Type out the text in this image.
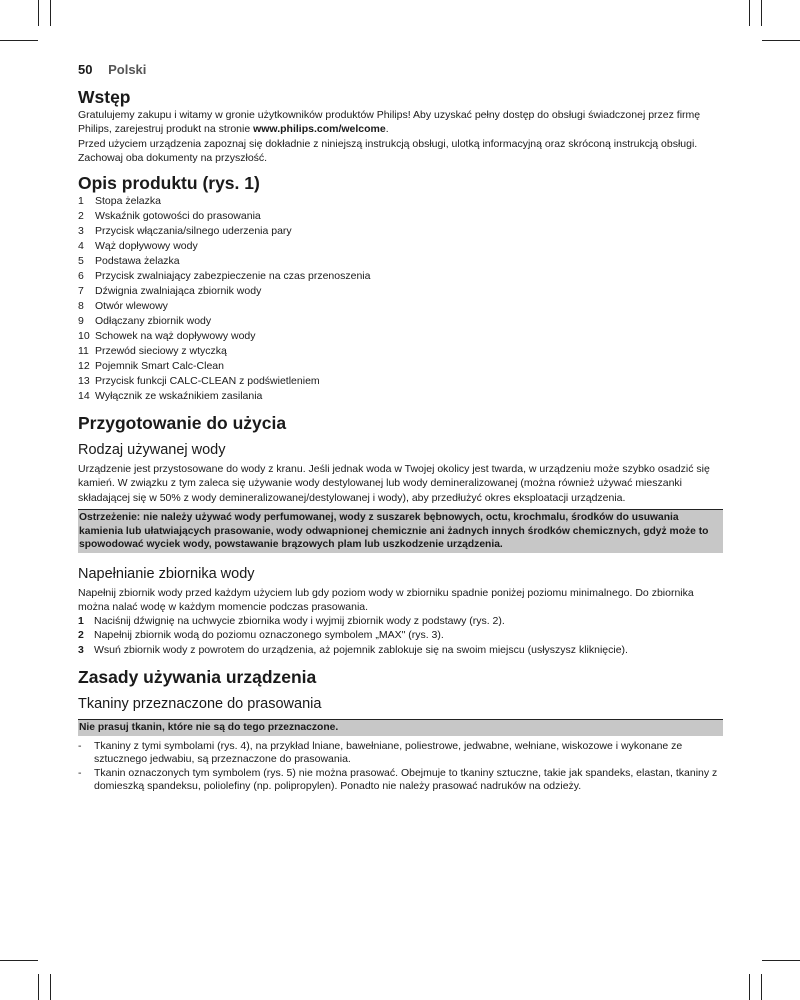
50 Polski
Wstęp

Gratulujemy zakupu i witamy w gronie użytkowników produktów Philips! Aby uzyskać pełny dostęp do obsługi świadczonej przez firmę Philips, zarejestruj produkt na stronie www.philips.com/welcome.

Przed użyciem urządzenia zapoznaj się dokładnie z niniejszą instrukcją obsługi, ulotką informacyjną oraz skróconą instrukcją obsługi. Zachowaj oba dokumenty na przyszłość.

Opis produktu (rys. 1)
1	Stopa żelazka
2	Wskaźnik gotowości do prasowania
3	Przycisk włączania/silnego uderzenia pary
4	Wąż dopływowy wody
5	Podstawa żelazka
6	Przycisk zwalniający zabezpieczenie na czas przenoszenia
7	Dźwignia zwalniająca zbiornik wody
8	Otwór wlewowy
9	Odłączany zbiornik wody
10 Schowek na wąż dopływowy wody
11 Przewód sieciowy z wtyczką
12 Pojemnik Smart Calc-Clean
13 Przycisk funkcji CALC-CLEAN z podświetleniem
14 Wyłącznik ze wskaźnikiem zasilania
Przygotowanie do użycia
Rodzaj używanej wody

Urządzenie jest przystosowane do wody z kranu. Jeśli jednak woda w Twojej okolicy jest twarda, w urządzeniu może szybko osadzić się kamień. W związku z tym zaleca się używanie wody destylowanej lub wody demineralizowanej (można również używać mieszanki składającej się w 50% z wody demineralizowanej/destylowanej i wody), aby przedłużyć okres eksploatacji urządzenia.

Ostrzeżenie: nie należy używać wody perfumowanej, wody z suszarek bębnowych, octu, krochmalu, środków do usuwania kamienia lub ułatwiających prasowanie, wody odwapnionej chemicznie ani żadnych innych środków chemicznych, gdyż może to spowodować wyciek wody, powstawanie brązowych plam lub uszkodzenie urządzenia.
Napełnianie zbiornika wody

Napełnij zbiornik wody przed każdym użyciem lub gdy poziom wody w zbiorniku spadnie poniżej poziomu minimalnego. Do zbiornika można nalać wodę w każdym momencie podczas prasowania.

1 Naciśnij dźwignię na uchwycie zbiornika wody i wyjmij zbiornik wody z podstawy (rys. 2).
2 Napełnij zbiornik wodą do poziomu oznaczonego symbolem „MAX" (rys. 3).
3 Wsuń zbiornik wody z powrotem do urządzenia, aż pojemnik zablokuje się na swoim miejscu (usłyszysz kliknięcie).
Zasady używania urządzenia
Tkaniny przeznaczone do prasowania
Nie prasuj tkanin, które nie są do tego przeznaczone.
-	Tkaniny z tymi symbolami (rys. 4), na przykład lniane, bawełniane, poliestrowe, jedwabne, wełniane, wiskozowe i wykonane ze sztucznego jedwabiu, są przeznaczone do prasowania.
-	Tkanin oznaczonych tym symbolem (rys. 5) nie można prasować. Obejmuje to tkaniny sztuczne, takie jak spandeks, elastan, tkaniny z domieszką spandeksu, poliolefiny (np. polipropylen). Ponadto nie należy prasować nadruków na odzieży.
